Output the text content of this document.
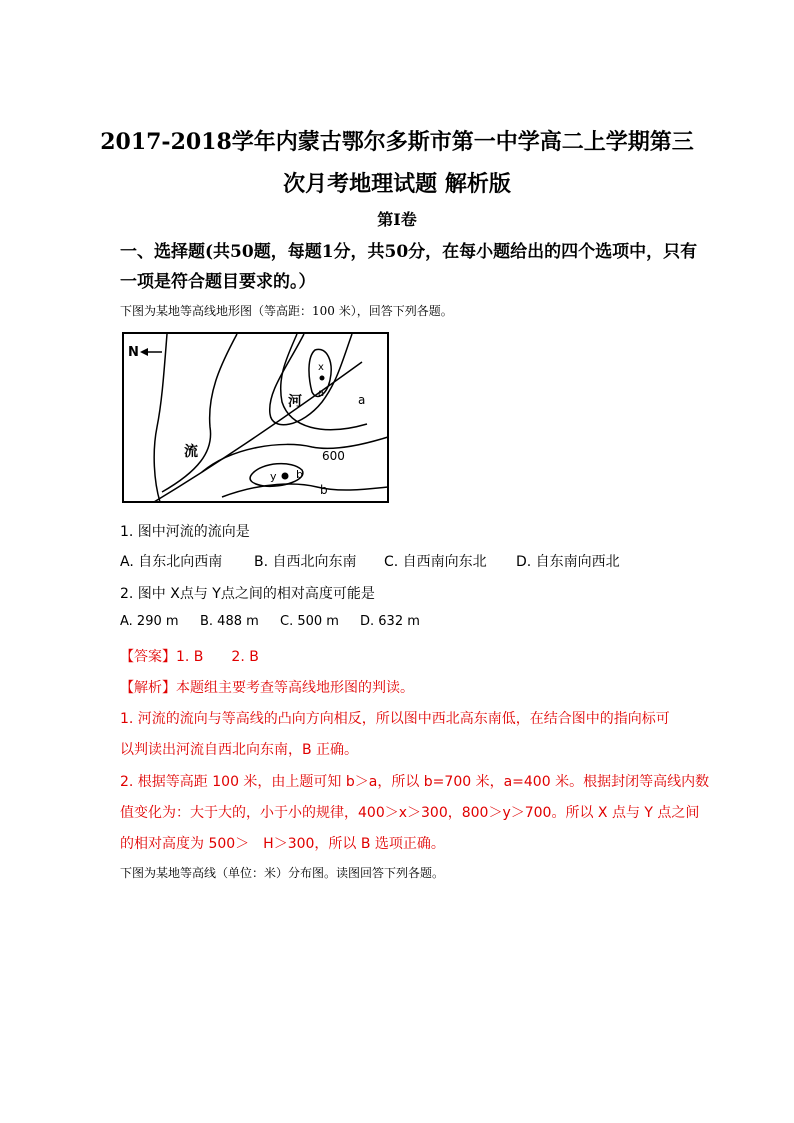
2017-2018学年内蒙古鄂尔多斯市第一中学高二上学期第三
次月考地理试题 解析版
第Ⅰ卷
一、选择题(共50题，每题1分，共50分，在每小题给出的四个选项中，只有
一项是符合题目要求的。）
下图为某地等高线地形图（等高距：100 米），回答下列各题。
N
x
a
河	a
流	600
y b
b
1. 图中河流的流向是
A. 自东北向西南 B. 自西北向东南 C. 自西南向东北 D. 自东南向西北
2. 图中 X点与 Y点之间的相对高度可能是
A. 290 m B. 488 m C. 500 m D. 632 m
【答案】1. B　　2. B
【解析】本题组主要考查等高线地形图的判读。
1. 河流的流向与等高线的凸向方向相反，所以图中西北高东南低，在结合图中的指向标可
以判读出河流自西北向东南，B 正确。
2. 根据等高距 100 米，由上题可知 b＞a，所以 b=700 米，a=400 米。根据封闭等高线内数
值变化为：大于大的，小于小的规律，400＞x＞300，800＞y＞700。所以 X 点与 Y 点之间
的相对高度为 500＞　H＞300，所以 B 选项正确。
下图为某地等高线（单位：米）分布图。读图回答下列各题。
